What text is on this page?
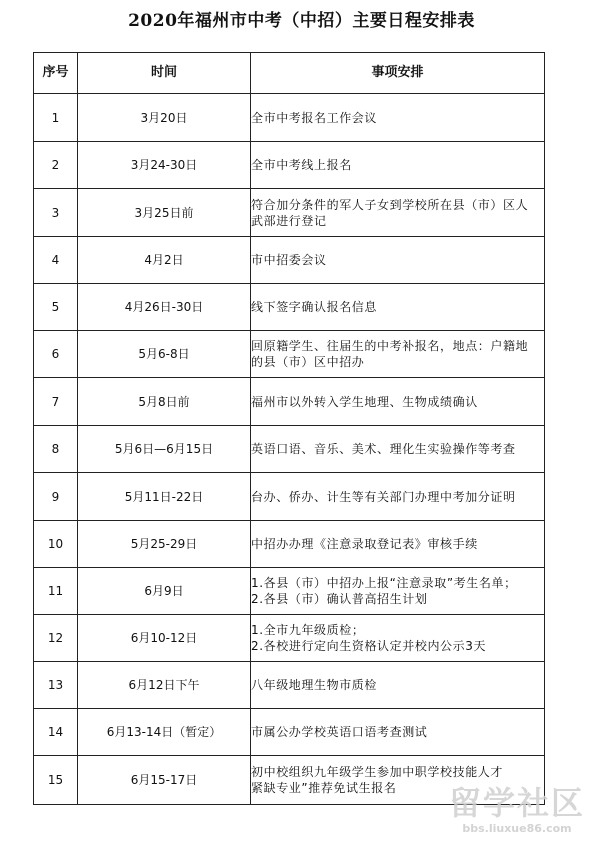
2020年福州市中考（中招）主要日程安排表
序号	时间	事项安排
1	3月20日	全市中考报名工作会议

2	3月24-30日	全市中考线上报名

3	3月25日前	符合加分条件的军人子女到学校所在县（市）区人
武部进行登记

4	4月2日	市中招委会议

5	4月26日-30日	线下签字确认报名信息

6	5月6-8日	回原籍学生、往届生的中考补报名，地点：户籍地
的县（市）区中招办

7	5月8日前	福州市以外转入学生地理、生物成绩确认

8	5月6日—6月15日	英语口语、音乐、美术、理化生实验操作等考查

9	5月11日-22日	台办、侨办、计生等有关部门办理中考加分证明

10	5月25-29日	中招办办理《注意录取登记表》审核手续

11	6月9日	1.各县（市）中招办上报“注意录取”考生名单；
2.各县（市）确认普高招生计划

12	6月10-12日	1.全市九年级质检；
2.各校进行定向生资格认定并校内公示3天

13	6月12日下午	八年级地理生物市质检

14	6月13-14日（暂定）	市属公办学校英语口语考查测试

15	6月15-17日	初中校组织九年级学生参加中职学校技能人才
紧缺专业”推荐免试生报名	留学社区
bbs.liuxue86.com
